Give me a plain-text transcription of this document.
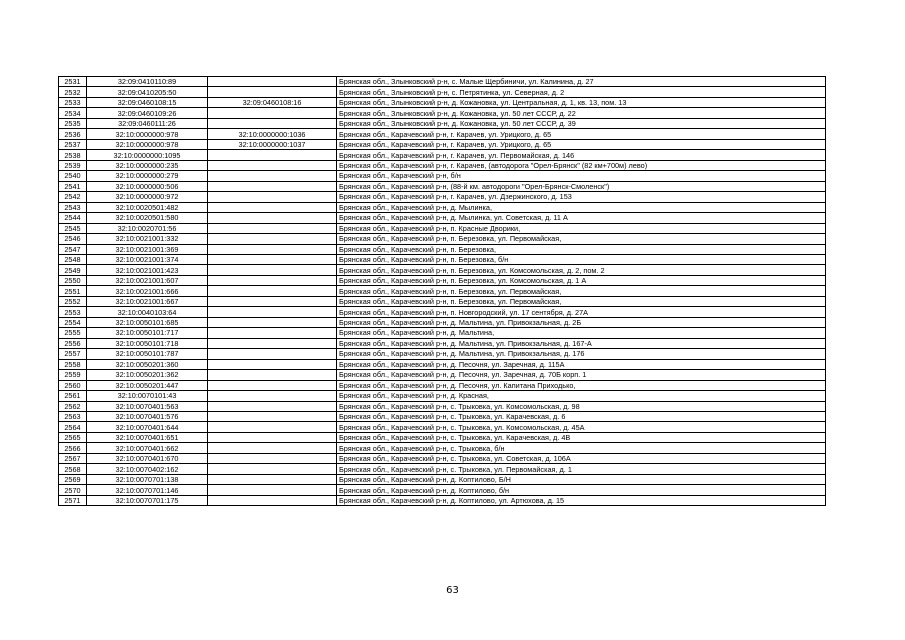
2531	32:09:0410110:89		Брянская обл., Злынковский р-н, с. Малые Щербиничи, ул. Калинина, д. 27
2532	32:09:0410205:50		Брянская обл., Злынковский р-н, с. Петрятинка, ул. Северная, д. 2
2533	32:09:0460108:15	32:09:0460108:16	Брянская обл., Злынковский р-н, д. Кожановка, ул. Центральная, д. 1, кв. 13, пом. 13
2534	32:09:0460109:26		Брянская обл., Злынковский р-н, д. Кожановка, ул. 50 лет СССР, д. 22
2535	32:09:0460111:26		Брянская обл., Злынковский р-н, д. Кожановка, ул. 50 лет СССР, д. 39
2536	32:10:0000000:978	32:10:0000000:1036	Брянская обл., Карачевский р-н, г. Карачев, ул. Урицкого, д. 65
2537	32:10:0000000:978	32:10:0000000:1037	Брянская обл., Карачевский р-н, г. Карачев, ул. Урицкого, д. 65
2538	32:10:0000000:1095		Брянская обл., Карачевский р-н, г. Карачев, ул. Первомайская, д. 146
2539	32:10:0000000:235		Брянская обл., Карачевский р-н, г. Карачев, (автодорога "Орел-Брянск" (82 км+700м) лево)
2540	32:10:0000000:279		Брянская обл., Карачевский р-н, б/н
2541	32:10:0000000:506		Брянская обл., Карачевский р-н, (88-й км. автодороги "Орел-Брянск-Смоленск")
2542	32:10:0000000:972		Брянская обл., Карачевский р-н, г. Карачев, ул. Дзержинского, д. 153
2543	32:10:0020501:482		Брянская обл., Карачевский р-н, д. Мылинка,
2544	32:10:0020501:580		Брянская обл., Карачевский р-н, д. Мылинка, ул. Советская, д. 11 А
2545	32:10:0020701:56		Брянская обл., Карачевский р-н, п. Красные Дворики,
2546	32:10:0021001:332		Брянская обл., Карачевский р-н, п. Березовка, ул. Первомайская,
2547	32:10:0021001:369		Брянская обл., Карачевский р-н, п. Березовка,
2548	32:10:0021001:374		Брянская обл., Карачевский р-н, п. Березовка, б/н
2549	32:10:0021001:423		Брянская обл., Карачевский р-н, п. Березовка, ул. Комсомольская, д. 2, пом. 2
2550	32:10:0021001:607		Брянская обл., Карачевский р-н, п. Березовка, ул. Комсомольская, д. 1 А
2551	32:10:0021001:666		Брянская обл., Карачевский р-н, п. Березовка, ул. Первомайская,
2552	32:10:0021001:667		Брянская обл., Карачевский р-н, п. Березовка, ул. Первомайская,
2553	32:10:0040103:64		Брянская обл., Карачевский р-н, п. Новгородский, ул. 17 сентября, д. 27А
2554	32:10:0050101:685		Брянская обл., Карачевский р-н, д. Мальтина, ул. Привокзальная, д. 2Б
2555	32:10:0050101:717		Брянская обл., Карачевский р-н, д. Мальтина,
2556	32:10:0050101:718		Брянская обл., Карачевский р-н, д. Мальтина, ул. Привокзальная, д. 167-А
2557	32:10:0050101:787		Брянская обл., Карачевский р-н, д. Мальтина, ул. Привокзальная, д. 176
2558	32:10:0050201:360		Брянская обл., Карачевский р-н, д. Песочня, ул. Заречная, д. 115А
2559	32:10:0050201:362		Брянская обл., Карачевский р-н, д. Песочня, ул. Заречная, д. 70Б корп. 1
2560	32:10:0050201:447		Брянская обл., Карачевский р-н, д. Песочня, ул. Капитана Приходько,
2561	32:10:0070101:43		Брянская обл., Карачевский р-н, д. Красная,
2562	32:10:0070401:563		Брянская обл., Карачевский р-н, с. Трыковка, ул. Комсомольская, д. 98
2563	32:10:0070401:576		Брянская обл., Карачевский р-н, с. Трыковка, ул. Карачевская, д. 6
2564	32:10:0070401:644		Брянская обл., Карачевский р-н, с. Трыковка, ул. Комсомольская, д. 45А
2565	32:10:0070401:651		Брянская обл., Карачевский р-н, с. Трыковка, ул. Карачевская, д. 4В
2566	32:10:0070401:662		Брянская обл., Карачевский р-н, с. Трыковка, б/н
2567	32:10:0070401:670		Брянская обл., Карачевский р-н, с. Трыковка, ул. Советская, д. 106А
2568	32:10:0070402:162		Брянская обл., Карачевский р-н, с. Трыковка, ул. Первомайская, д. 1
2569	32:10:0070701:138		Брянская обл., Карачевский р-н, д. Коптилово, Б/Н
2570	32:10:0070701:146		Брянская обл., Карачевский р-н, д. Коптилово, б/н
2571	32:10:0070701:175		Брянская обл., Карачевский р-н, д. Коптилово, ул. Артюхова, д. 15
63
